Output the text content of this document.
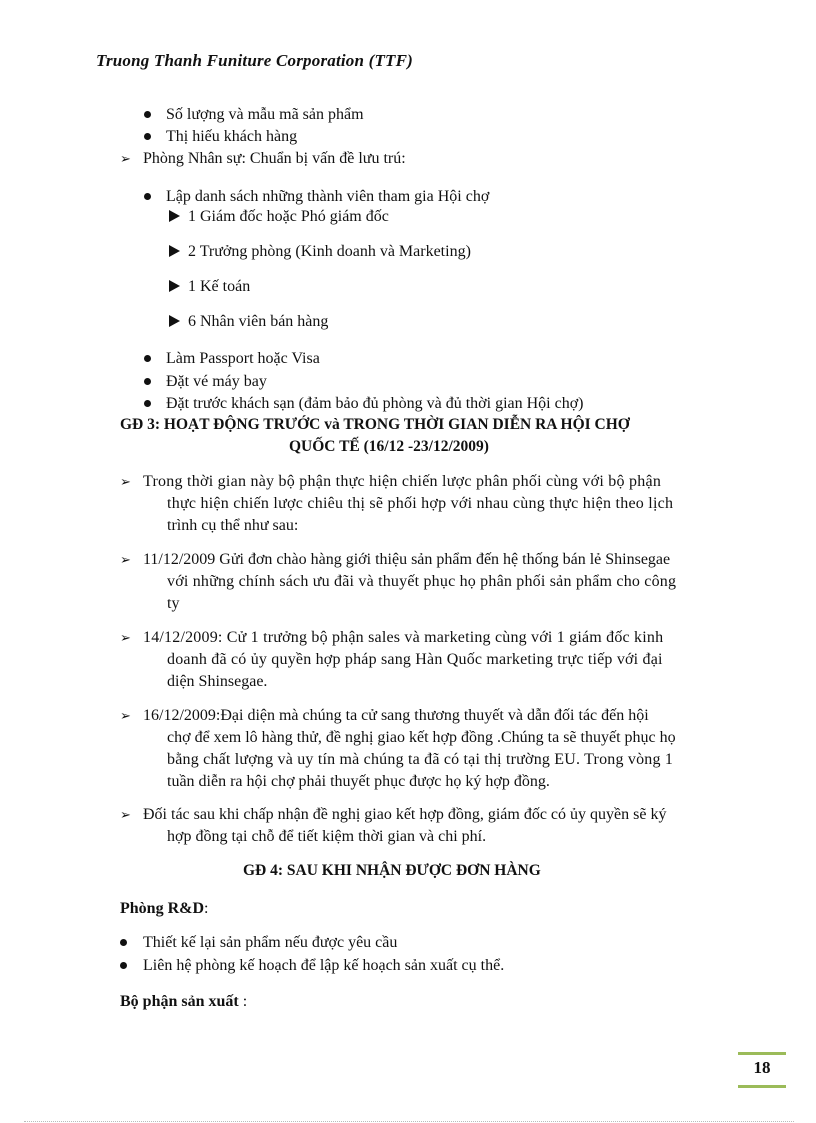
Truong Thanh Funiture Corporation (TTF)
Số lượng và mẫu mã sản phẩm
Thị hiếu khách hàng
➢ Phòng Nhân sự: Chuẩn bị vấn đề lưu trú:
Lập danh sách những thành viên tham gia Hội chợ
1 Giám đốc hoặc Phó giám đốc
2 Trưởng phòng (Kinh doanh và Marketing)
1 Kế toán
6 Nhân viên bán hàng
Làm Passport hoặc Visa
Đặt vé máy bay
Đặt trước khách sạn (đảm bảo đủ phòng và đủ thời gian Hội chợ)
GĐ 3: HOẠT ĐỘNG TRƯỚC và TRONG THỜI GIAN DIỄN RA HỘI CHỢ
QUỐC TẾ (16/12 -23/12/2009)
➢ Trong thời gian này bộ phận thực hiện chiến lược phân phối cùng với bộ phận
thực hiện chiến lược chiêu thị sẽ phối hợp với nhau cùng thực hiện theo lịch
trình cụ thể như sau:
➢ 11/12/2009 Gửi đơn chào hàng giới thiệu sản phẩm đến hệ thống bán lẻ Shinsegae
với những chính sách ưu đãi và thuyết phục họ phân phối sản phẩm cho công
ty
➢ 14/12/2009: Cử 1 trưởng bộ phận sales và marketing cùng với 1 giám đốc kinh
doanh đã có ủy quyền hợp pháp sang Hàn Quốc marketing trực tiếp với đại
diện Shinsegae.
➢ 16/12/2009:Đại diện mà chúng ta cử sang thương thuyết và dẫn đối tác đến hội
chợ để xem lô hàng thử, đề nghị giao kết hợp đồng .Chúng ta sẽ thuyết phục họ
bằng chất lượng và uy tín mà chúng ta đã có tại thị trường EU. Trong vòng 1
tuần diễn ra hội chợ phải thuyết phục được họ ký hợp đồng.
➢ Đối tác sau khi chấp nhận đề nghị giao kết hợp đồng, giám đốc có ủy quyền sẽ ký
hợp đồng tại chỗ để tiết kiệm thời gian và chi phí.
GĐ 4: SAU KHI NHẬN ĐƯỢC ĐƠN HÀNG
Phòng R&D:
Thiết kế lại sản phẩm nếu được yêu cầu
Liên hệ phòng kế hoạch để lập kế hoạch sản xuất cụ thể.
Bộ phận sản xuất :
18
